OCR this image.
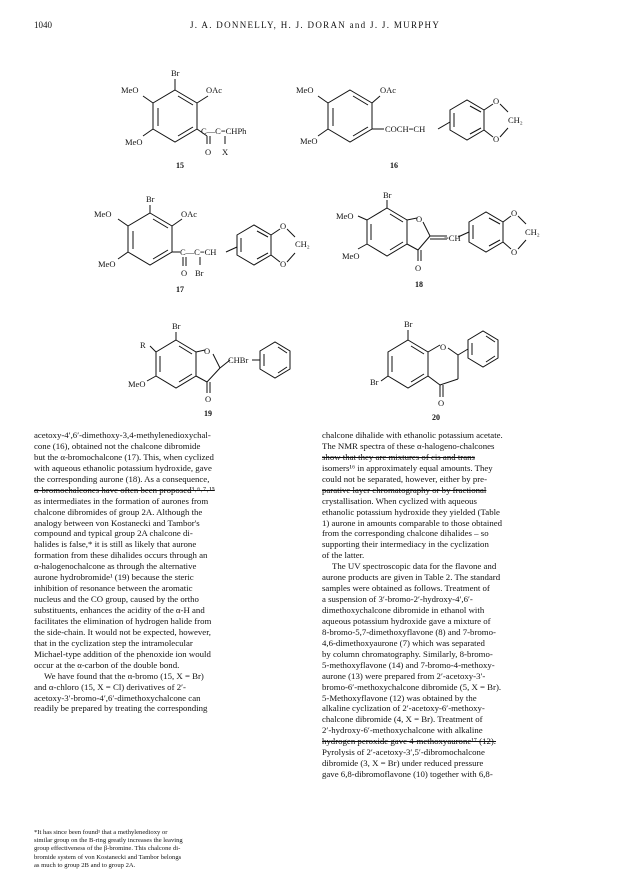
1040	J. A. DONNELLY, H. J. DORAN and J. J. MURPHY
Br
MeO	OAc
MeO
O X
C—C=CHPh
15
MeO	OAc
MeO
COCH=CH
O
O
CH₂
16
Br
MeO	OAc
MeO
O Br
C—C=CH
O
O
CH₂
17
Br
MeO	O
MeO
O
=CH
O
O
CH₂
18
Br
R
O
MeO
O
CHBr
19
Br
O
Br
O
20
acetoxy-4′,6′-dimethoxy-3,4-methylenedioxychal-
cone (16), obtained not the chalcone dibromide
but the α-bromochalcone (17). This, when cyclized
with aqueous ethanolic potassium hydroxide, gave
the corresponding aurone (18). As a consequence,
α-bromochalcones have often been proposed³˒⁶˒⁷˒¹⁵
as intermediates in the formation of aurones from
chalcone dibromides of group 2A. Although the
analogy between von Kostanecki and Tambor's
compound and typical group 2A chalcone di-
halides is false,* it is still as likely that aurone
formation from these dihalides occurs through an
α-halogenochalcone as through the alternative
aurone hydrobromide¹ (19) because the steric
inhibition of resonance between the aromatic
nucleus and the CO group, caused by the ortho
substituents, enhances the acidity of the α-H and
facilitates the elimination of hydrogen halide from
the side-chain. It would not be expected, however,
that in the cyclization step the intramolecular
Michael-type addition of the phenoxide ion would
occur at the α-carbon of the double bond.
We have found that the α-bromo (15, X = Br)
and α-chloro (15, X = Cl) derivatives of 2′-
acetoxy-3′-bromo-4′,6′-dimethoxychalcone can
readily be prepared by treating the corresponding
chalcone dihalide with ethanolic potassium acetate.
The NMR spectra of these α-halogeno-chalcones
show that they are mixtures of cis and trans
isomers¹⁶ in approximately equal amounts. They
could not be separated, however, either by pre-
parative layer chromatography or by fractional
crystallisation. When cyclized with aqueous
ethanolic potassium hydroxide they yielded (Table
1) aurone in amounts comparable to those obtained
from the corresponding chalcone dihalides – so
supporting their intermediacy in the cyclization
of the latter.
The UV spectroscopic data for the flavone and
aurone products are given in Table 2. The standard
samples were obtained as follows. Treatment of
a suspension of 3′-bromo-2′-hydroxy-4′,6′-
dimethoxychalcone dibromide in ethanol with
aqueous potassium hydroxide gave a mixture of
8-bromo-5,7-dimethoxyflavone (8) and 7-bromo-
4,6-dimethoxyaurone (7) which was separated
by column chromatography. Similarly, 8-bromo-
5-methoxyflavone (14) and 7-bromo-4-methoxy-
aurone (13) were prepared from 2′-acetoxy-3′-
bromo-6′-methoxychalcone dibromide (5, X = Br).
5-Methoxyflavone (12) was obtained by the
alkaline cyclization of 2′-acetoxy-6′-methoxy-
chalcone dibromide (4, X = Br). Treatment of
2′-hydroxy-6′-methoxychalcone with alkaline
hydrogen peroxide gave 4-methoxyaurone¹⁷ (12).
Pyrolysis of 2′-acetoxy-3′,5′-dibromochalcone
dibromide (3, X = Br) under reduced pressure
gave 6,8-dibromoflavone (10) together with 6,8-
*It has since been found¹ that a methylenedioxy or
similar group on the B-ring greatly increases the leaving
group effectiveness of the β-bromine. This chalcone di-
bromide system of von Kostanecki and Tambor belongs
as much to group 2B and to group 2A.
